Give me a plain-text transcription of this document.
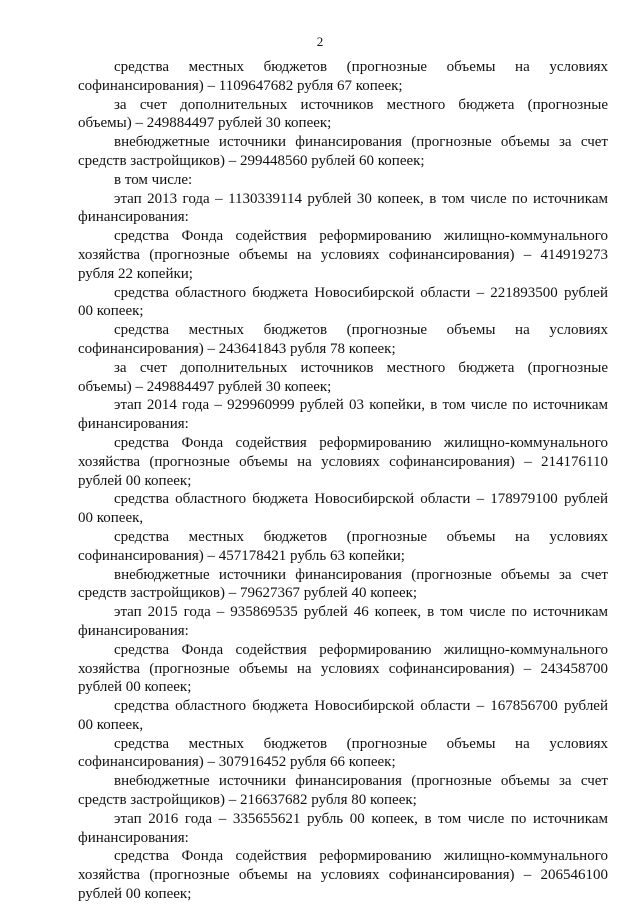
2

средства местных бюджетов (прогнозные объемы на условиях софинансирования) – 1109647682 рубля 67 копеек;

за счет дополнительных источников местного бюджета (прогнозные объемы) – 249884497 рублей 30 копеек;

внебюджетные источники финансирования (прогнозные объемы за счет средств застройщиков) – 299448560 рублей 60 копеек;

в том числе:

этап 2013 года – 1130339114 рублей 30 копеек, в том числе по источникам финансирования:

средства Фонда содействия реформированию жилищно-коммунального хозяйства (прогнозные объемы на условиях софинансирования) – 414919273 рубля 22 копейки;

средства областного бюджета Новосибирской области – 221893500 рублей 00 копеек;

средства местных бюджетов (прогнозные объемы на условиях софинансирования) – 243641843 рубля 78 копеек;

за счет дополнительных источников местного бюджета (прогнозные объемы) – 249884497 рублей 30 копеек;

этап 2014 года – 929960999 рублей 03 копейки, в том числе по источникам финансирования:

средства Фонда содействия реформированию жилищно-коммунального хозяйства (прогнозные объемы на условиях софинансирования) – 214176110 рублей 00 копеек;

средства областного бюджета Новосибирской области – 178979100 рублей 00 копеек,

средства местных бюджетов (прогнозные объемы на условиях софинансирования) – 457178421 рубль 63 копейки;

внебюджетные источники финансирования (прогнозные объемы за счет средств застройщиков) – 79627367 рублей 40 копеек;

этап 2015 года – 935869535 рублей 46 копеек, в том числе по источникам финансирования:

средства Фонда содействия реформированию жилищно-коммунального хозяйства (прогнозные объемы на условиях софинансирования) – 243458700 рублей 00 копеек;

средства областного бюджета Новосибирской области – 167856700 рублей 00 копеек,

средства местных бюджетов (прогнозные объемы на условиях софинансирования) – 307916452 рубля 66 копеек;

внебюджетные источники финансирования (прогнозные объемы за счет средств застройщиков) – 216637682 рубля 80 копеек;

этап 2016 года – 335655621 рубль 00 копеек, в том числе по источникам финансирования:

средства Фонда содействия реформированию жилищно-коммунального хозяйства (прогнозные объемы на условиях софинансирования) – 206546100 рублей 00 копеек;
